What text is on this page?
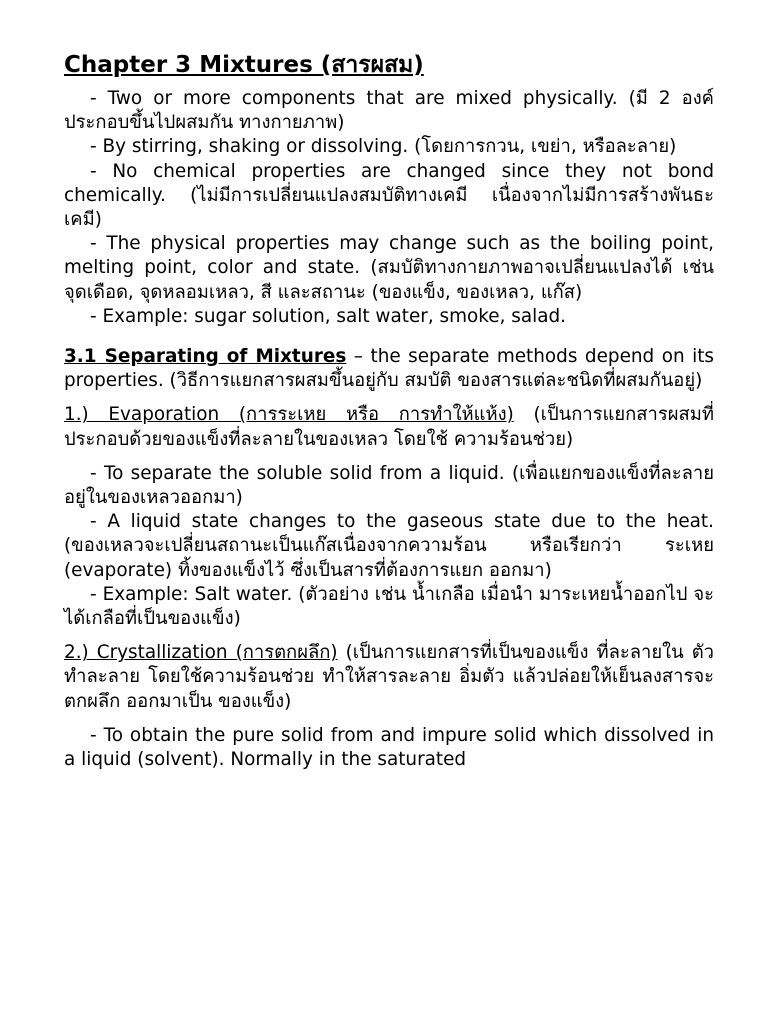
Chapter 3 Mixtures (สารผสม)

- Two or more components that are mixed physically. (มี 2 องค์ประกอบขึ้นไปผสมกัน ทางกายภาพ)

- By stirring, shaking or dissolving. (โดยการกวน, เขย่า, หรือละลาย)

- No chemical properties are changed since they not bond chemically. (ไม่มีการเปลี่ยนแปลงสมบัติทางเคมี เนื่องจากไม่มีการสร้างพันธะเคมี)

- The physical properties may change such as the boiling point, melting point, color and state. (สมบัติทางกายภาพอาจเปลี่ยนแปลงได้ เช่น จุดเดือด, จุดหลอมเหลว, สี และสถานะ (ของแข็ง, ของเหลว, แก๊ส)

- Example: sugar solution, salt water, smoke, salad.

3.1 Separating of Mixtures – the separate methods depend on its properties. (วิธีการแยกสารผสมขึ้นอยู่กับ สมบัติ ของสารแต่ละชนิดที่ผสมกันอยู่)

1.) Evaporation (การระเหย หรือ การทำให้แห้ง) (เป็นการแยกสารผสมที่ ประกอบด้วยของแข็งที่ละลายในของเหลว โดยใช้ ความร้อนช่วย)

- To separate the soluble solid from a liquid. (เพื่อแยกของแข็งที่ละลายอยู่ในของเหลวออกมา)

- A liquid state changes to the gaseous state due to the heat. (ของเหลวจะเปลี่ยนสถานะเป็นแก๊สเนื่องจากความร้อน หรือเรียกว่า ระเหย (evaporate) ทิ้งของแข็งไว้ ซึ่งเป็นสารที่ต้องการแยก ออกมา)

- Example: Salt water. (ตัวอย่าง เช่น น้ำเกลือ เมื่อนำ มาระเหยน้ำออกไป จะได้เกลือที่เป็นของแข็ง)

2.) Crystallization (การตกผลึก) (เป็นการแยกสารที่เป็นของแข็ง ที่ละลายใน ตัวทำละลาย โดยใช้ความร้อนช่วย ทำให้สารละลาย อิ่มตัว แล้วปล่อยให้เย็นลงสารจะตกผลึก ออกมาเป็น ของแข็ง)

- To obtain the pure solid from and impure solid which dissolved in a liquid (solvent). Normally in the saturated
